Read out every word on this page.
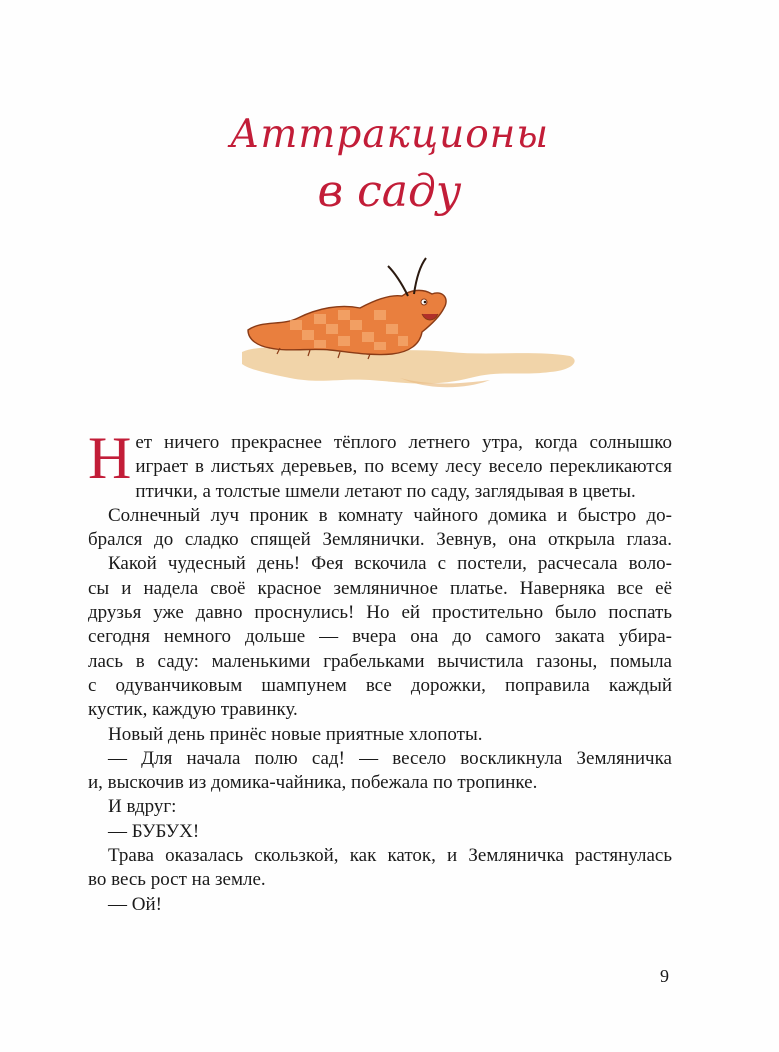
Аттракционы
в саду

Н ет ничего прекраснее тёплого летнего утра, когда солнышко
играет в листьях деревьев, по всему лесу весело перекликаются
птички, а толстые шмели летают по саду, заглядывая в цветы.

Солнечный луч проник в комнату чайного домика и быстро до-
брался до сладко спящей Землянички. Зевнув, она открыла глаза.

Какой чудесный день! Фея вскочила с постели, расчесала воло-
сы и надела своё красное земляничное платье. Наверняка все её
друзья уже давно проснулись! Но ей простительно было поспать
сегодня немного дольше — вчера она до самого заката убира-
лась в саду: маленькими грабельками вычистила газоны, помыла
с одуванчиковым шампунем все дорожки, поправила каждый
кустик, каждую травинку.

Новый день принёс новые приятные хлопоты.

— Для начала полю сад! — весело воскликнула Земляничка
и, выскочив из домика-чайника, побежала по тропинке.

И вдруг:

— БУБУХ!

Трава оказалась скользкой, как каток, и Земляничка растянулась
во весь рост на земле.

— Ой!

9
